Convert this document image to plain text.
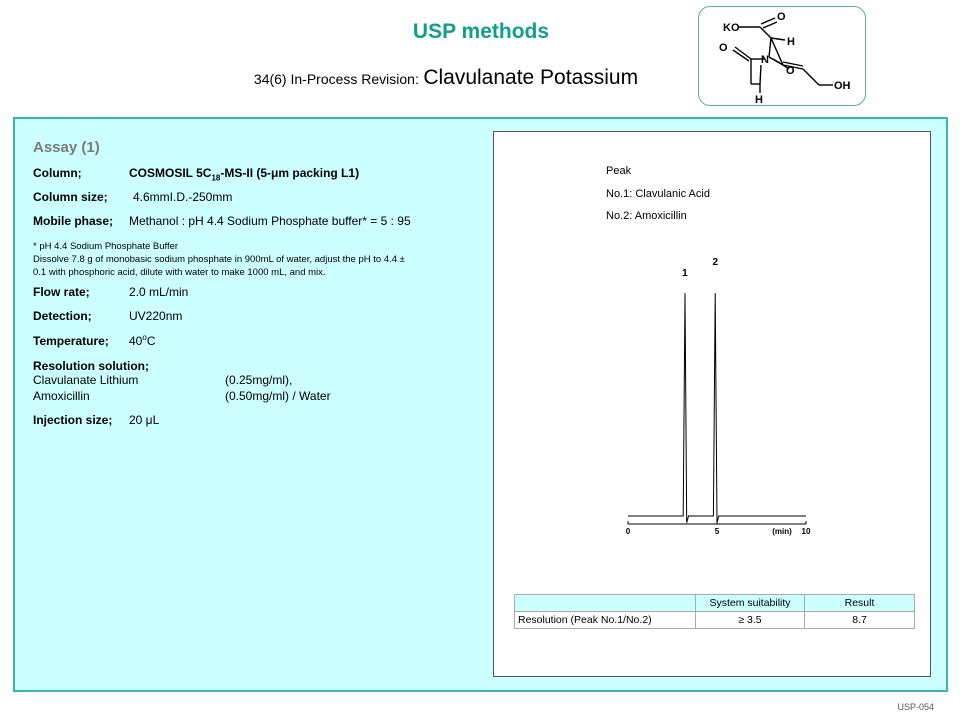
USP methods
34(6) In-Process Revision: Clavulanate Potassium
KO
O
H
O
N
O
OH
H
Assay (1)
Column;	COSMOSIL $5C_{18}-MS-II$ (5-μm packing L1)
Column size;	4.6mmI.D.-250mm
Mobile phase;	Methanol : pH 4.4 Sodium Phosphate buffer* = 5 : 95
* pH 4.4 Sodium Phosphate Buffer
Dissolve 7.8 g of monobasic sodium phosphate in 900mL of water, adjust the pH to 4.4 ±
0.1 with phosphoric acid, dilute with water to make 1000 mL, and mix.
Flow rate;	2.0 mL/min
Detection;	UV220nm
Temperature;	40$^o$C
Resolution solution;
Clavulanate Lithium	(0.25mg/ml),
Amoxicillin	(0.50mg/ml) / Water
Injection size;	20 μL
Peak
No.1: Clavulanic Acid
No.2: Amoxicillin
0	5	10
(min)
1
2
	System suitability	Result
Resolution (Peak No.1/No.2)	≥ 3.5	8.7
USP-054
